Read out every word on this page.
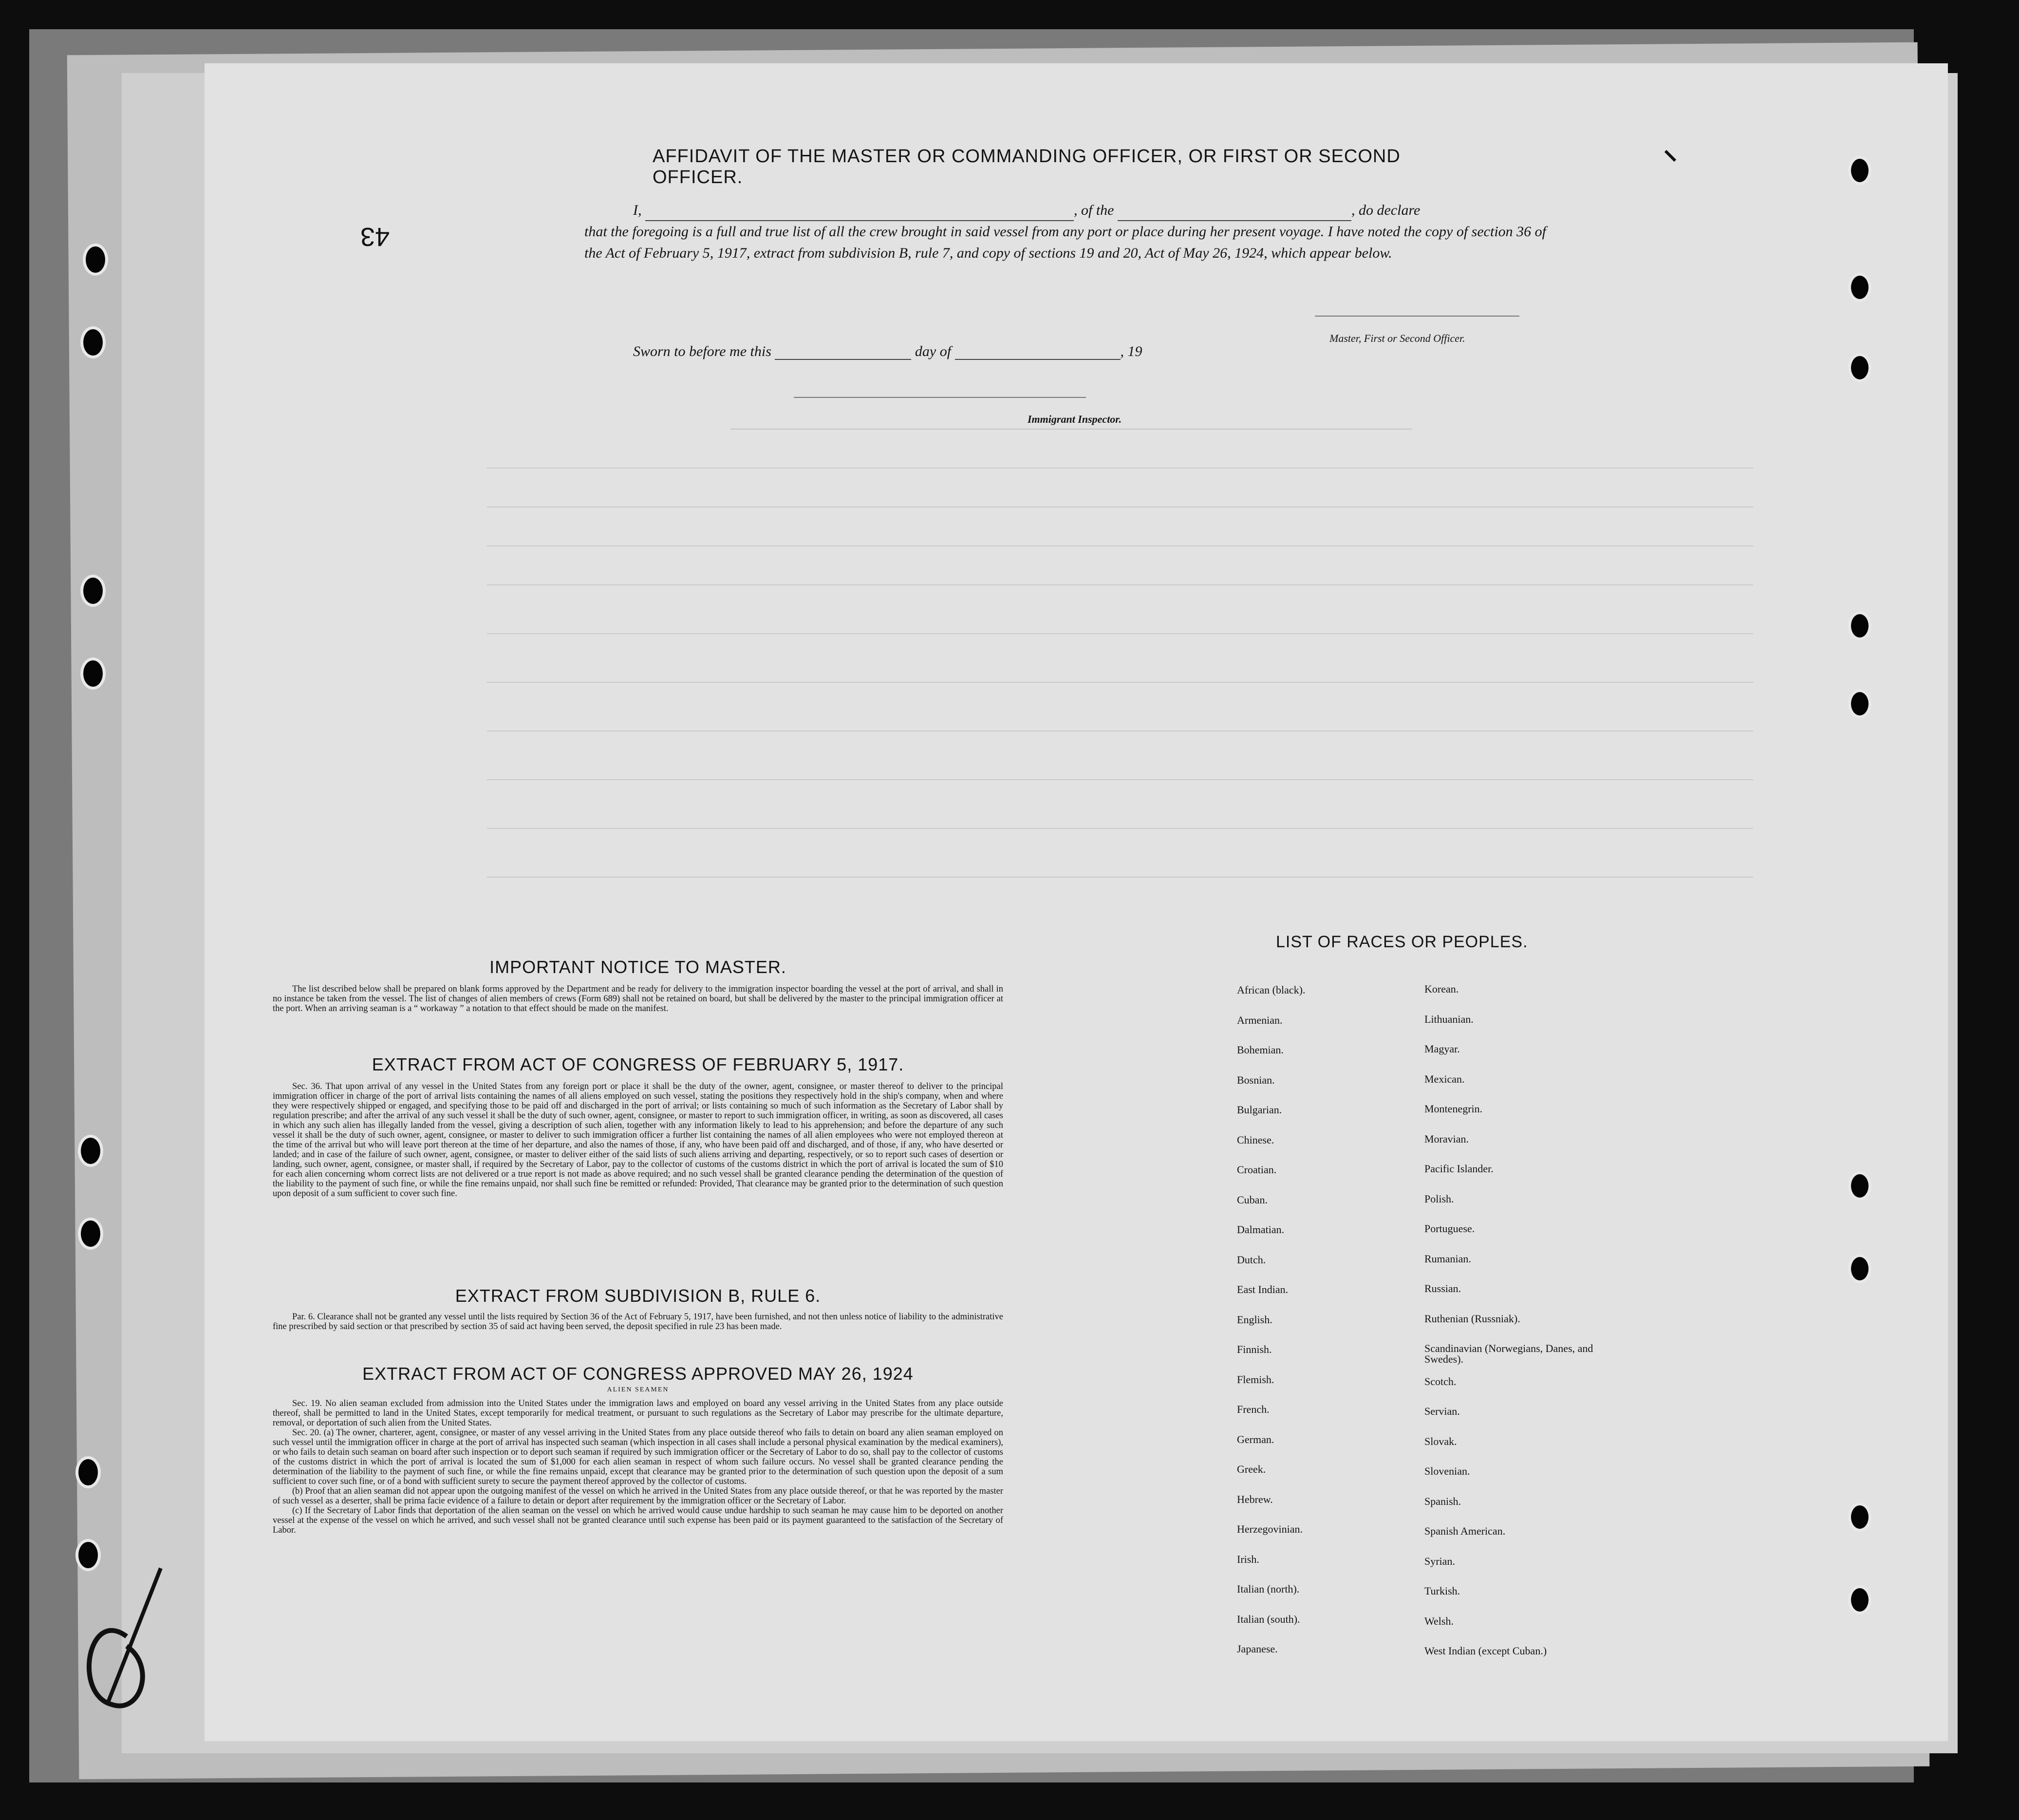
43
AFFIDAVIT OF THE MASTER OR COMMANDING OFFICER, OR FIRST OR SECOND OFFICER.
I,	, of the	, do declare
that the foregoing is a full and true list of all the crew brought in said vessel from any port or place during her present voyage. I have noted the copy of section 36 of the Act of February 5, 1917, extract from subdivision B, rule 7, and copy of sections 19 and 20, Act of May 26, 1924, which appear below.
Master, First or Second Officer.
Sworn to before me this	day of	, 19
Immigrant Inspector.
IMPORTANT NOTICE TO MASTER.

The list described below shall be prepared on blank forms approved by the Department and be ready for delivery to the immigration inspector boarding the vessel at the port of arrival, and shall in no instance be taken from the vessel. The list of changes of alien members of crews (Form 689) shall not be retained on board, but shall be delivered by the master to the principal immigration officer at the port. When an arriving seaman is a “ workaway ” a notation to that effect should be made on the manifest.

EXTRACT FROM ACT OF CONGRESS OF FEBRUARY 5, 1917.

Sec. 36. That upon arrival of any vessel in the United States from any foreign port or place it shall be the duty of the owner, agent, consignee, or master thereof to deliver to the principal immigration officer in charge of the port of arrival lists containing the names of all aliens employed on such vessel, stating the positions they respectively hold in the ship's company, when and where they were respectively shipped or engaged, and specifying those to be paid off and discharged in the port of arrival; or lists containing so much of such information as the Secretary of Labor shall by regulation prescribe; and after the arrival of any such vessel it shall be the duty of such owner, agent, consignee, or master to report to such immigration officer, in writing, as soon as discovered, all cases in which any such alien has illegally landed from the vessel, giving a description of such alien, together with any information likely to lead to his apprehension; and before the departure of any such vessel it shall be the duty of such owner, agent, consignee, or master to deliver to such immigration officer a further list containing the names of all alien employees who were not employed thereon at the time of the arrival but who will leave port thereon at the time of her departure, and also the names of those, if any, who have been paid off and discharged, and of those, if any, who have deserted or landed; and in case of the failure of such owner, agent, consignee, or master to deliver either of the said lists of such aliens arriving and departing, respectively, or so to report such cases of desertion or landing, such owner, agent, consignee, or master shall, if required by the Secretary of Labor, pay to the collector of customs of the customs district in which the port of arrival is located the sum of $10 for each alien concerning whom correct lists are not delivered or a true report is not made as above required; and no such vessel shall be granted clearance pending the determination of the question of the liability to the payment of such fine, or while the fine remains unpaid, nor shall such fine be remitted or refunded: Provided, That clearance may be granted prior to the determination of such question upon deposit of a sum sufficient to cover such fine.

EXTRACT FROM SUBDIVISION B, RULE 6.

Par. 6. Clearance shall not be granted any vessel until the lists required by Section 36 of the Act of February 5, 1917, have been furnished, and not then unless notice of liability to the administrative fine prescribed by said section or that prescribed by section 35 of said act having been served, the deposit specified in rule 23 has been made.

EXTRACT FROM ACT OF CONGRESS APPROVED MAY 26, 1924
ALIEN SEAMEN

Sec. 19. No alien seaman excluded from admission into the United States under the immigration laws and employed on board any vessel arriving in the United States from any place outside thereof, shall be permitted to land in the United States, except temporarily for medical treatment, or pursuant to such regulations as the Secretary of Labor may prescribe for the ultimate departure, removal, or deportation of such alien from the United States.

Sec. 20. (a) The owner, charterer, agent, consignee, or master of any vessel arriving in the United States from any place outside thereof who fails to detain on board any alien seaman employed on such vessel until the immigration officer in charge at the port of arrival has inspected such seaman (which inspection in all cases shall include a personal physical examination by the medical examiners), or who fails to detain such seaman on board after such inspection or to deport such seaman if required by such immigration officer or the Secretary of Labor to do so, shall pay to the collector of customs of the customs district in which the port of arrival is located the sum of $1,000 for each alien seaman in respect of whom such failure occurs. No vessel shall be granted clearance pending the determination of the liability to the payment of such fine, or while the fine remains unpaid, except that clearance may be granted prior to the determination of such question upon the deposit of a sum sufficient to cover such fine, or of a bond with sufficient surety to secure the payment thereof approved by the collector of customs.

(b) Proof that an alien seaman did not appear upon the outgoing manifest of the vessel on which he arrived in the United States from any place outside thereof, or that he was reported by the master of such vessel as a deserter, shall be prima facie evidence of a failure to detain or deport after requirement by the immigration officer or the Secretary of Labor.

(c) If the Secretary of Labor finds that deportation of the alien seaman on the vessel on which he arrived would cause undue hardship to such seaman he may cause him to be deported on another vessel at the expense of the vessel on which he arrived, and such vessel shall not be granted clearance until such expense has been paid or its payment guaranteed to the satisfaction of the Secretary of Labor.

LIST OF RACES OR PEOPLES.
African (black).
Armenian.
Bohemian.
Bosnian.
Bulgarian.
Chinese.
Croatian.
Cuban.
Dalmatian.
Dutch.
East Indian.
English.
Finnish.
Flemish.
French.
German.
Greek.
Hebrew.
Herzegovinian.
Irish.
Italian (north).
Italian (south).
Japanese.
Korean.
Lithuanian.
Magyar.
Mexican.
Montenegrin.
Moravian.
Pacific Islander.
Polish.
Portuguese.
Rumanian.
Russian.
Ruthenian (Russniak).
Scandinavian (Norwegians, Danes, and Swedes).
Scotch.
Servian.
Slovak.
Slovenian.
Spanish.
Spanish American.
Syrian.
Turkish.
Welsh.
West Indian (except Cuban.)
